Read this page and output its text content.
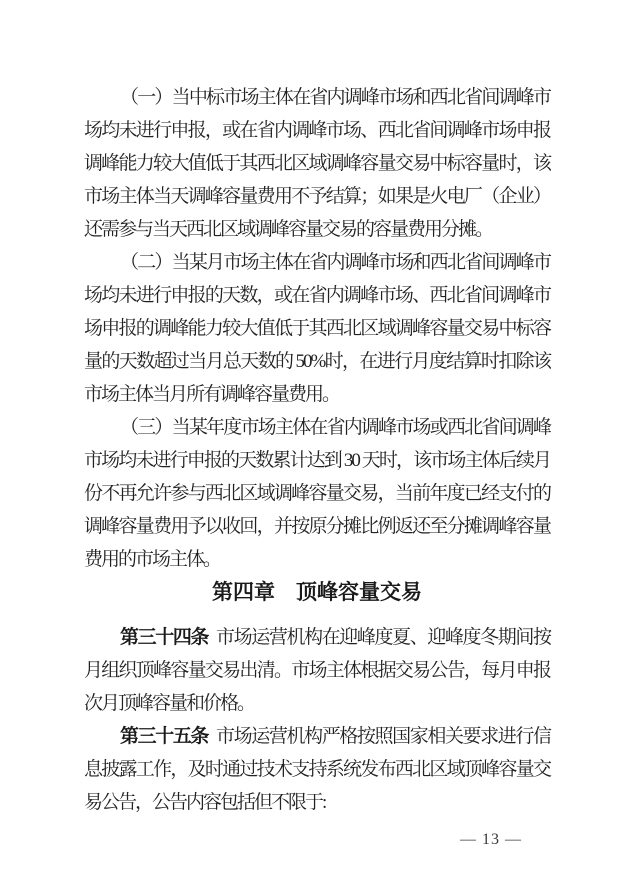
（一）当中标市场主体在省内调峰市场和西北省间调峰市场均未进行申报，或在省内调峰市场、西北省间调峰市场申报调峰能力较大值低于其西北区域调峰容量交易中标容量时，该市场主体当天调峰容量费用不予结算；如果是火电厂（企业）还需参与当天西北区域调峰容量交易的容量费用分摊。

（二）当某月市场主体在省内调峰市场和西北省间调峰市场均未进行申报的天数，或在省内调峰市场、西北省间调峰市场申报的调峰能力较大值低于其西北区域调峰容量交易中标容量的天数超过当月总天数的 50%时，在进行月度结算时扣除该市场主体当月所有调峰容量费用。

（三）当某年度市场主体在省内调峰市场或西北省间调峰市场均未进行申报的天数累计达到 30 天时，该市场主体后续月份不再允许参与西北区域调峰容量交易，当前年度已经支付的调峰容量费用予以收回，并按原分摊比例返还至分摊调峰容量费用的市场主体。

第四章　顶峰容量交易

第三十四条 市场运营机构在迎峰度夏、迎峰度冬期间按月组织顶峰容量交易出清。市场主体根据交易公告，每月申报次月顶峰容量和价格。

第三十五条 市场运营机构严格按照国家相关要求进行信息披露工作，及时通过技术支持系统发布西北区域顶峰容量交易公告，公告内容包括但不限于:

— 13 —
